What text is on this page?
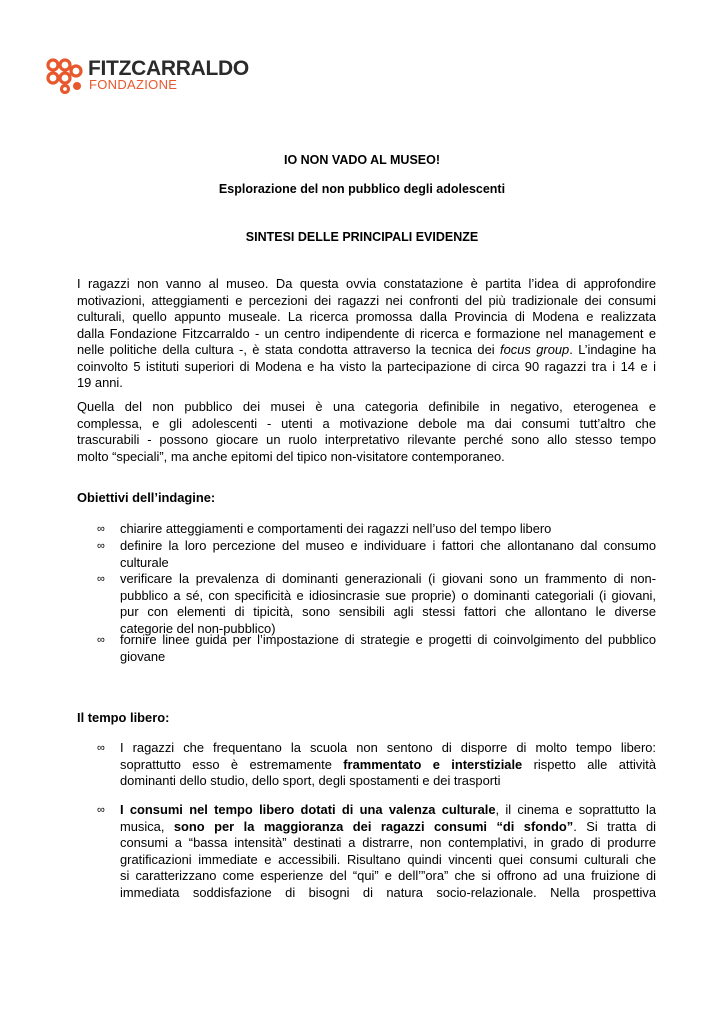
FITZCARRALDO
FONDAZIONE
IO NON VADO AL MUSEO!
Esplorazione del non pubblico degli adolescenti
SINTESI DELLE PRINCIPALI EVIDENZE
I ragazzi non vanno al museo. Da questa ovvia constatazione è partita l’idea di approfondire
motivazioni, atteggiamenti e percezioni dei ragazzi nei confronti del più tradizionale dei consumi
culturali, quello appunto museale. La ricerca promossa dalla Provincia di Modena e realizzata
dalla Fondazione Fitzcarraldo - un centro indipendente di ricerca e formazione nel management e
nelle politiche della cultura -, è stata condotta attraverso la tecnica dei focus group. L’indagine ha
coinvolto 5 istituti superiori di Modena e ha visto la partecipazione di circa 90 ragazzi tra i 14 e i
19 anni.
Quella del non pubblico dei musei è una categoria definibile in negativo, eterogenea e
complessa, e gli adolescenti - utenti a motivazione debole ma dai consumi tutt’altro che
trascurabili - possono giocare un ruolo interpretativo rilevante perché sono allo stesso tempo
molto “speciali”, ma anche epitomi del tipico non-visitatore contemporaneo.
Obiettivi dell’indagine:
∞ chiarire atteggiamenti e comportamenti dei ragazzi nell’uso del tempo libero
∞ definire la loro percezione del museo e individuare i fattori che allontanano dal consumo
culturale
∞ verificare la prevalenza di dominanti generazionali (i giovani sono un frammento di non-
pubblico a sé, con specificità e idiosincrasie sue proprie) o dominanti categoriali (i giovani,
pur con elementi di tipicità, sono sensibili agli stessi fattori che allontano le diverse
categorie del non-pubblico)
∞ fornire linee guida per l’impostazione di strategie e progetti di coinvolgimento del pubblico
giovane
Il tempo libero:
∞ I ragazzi che frequentano la scuola non sentono di disporre di molto tempo libero:
soprattutto esso è estremamente frammentato e interstiziale rispetto alle attività
dominanti dello studio, dello sport, degli spostamenti e dei trasporti
∞ I consumi nel tempo libero dotati di una valenza culturale, il cinema e soprattutto la
musica, sono per la maggioranza dei ragazzi consumi “di sfondo”. Si tratta di
consumi a “bassa intensità” destinati a distrarre, non contemplativi, in grado di produrre
gratificazioni immediate e accessibili. Risultano quindi vincenti quei consumi culturali che
si caratterizzano come esperienze del “qui” e dell’”ora” che si offrono ad una fruizione di
immediata soddisfazione di bisogni di natura socio-relazionale. Nella prospettiva
